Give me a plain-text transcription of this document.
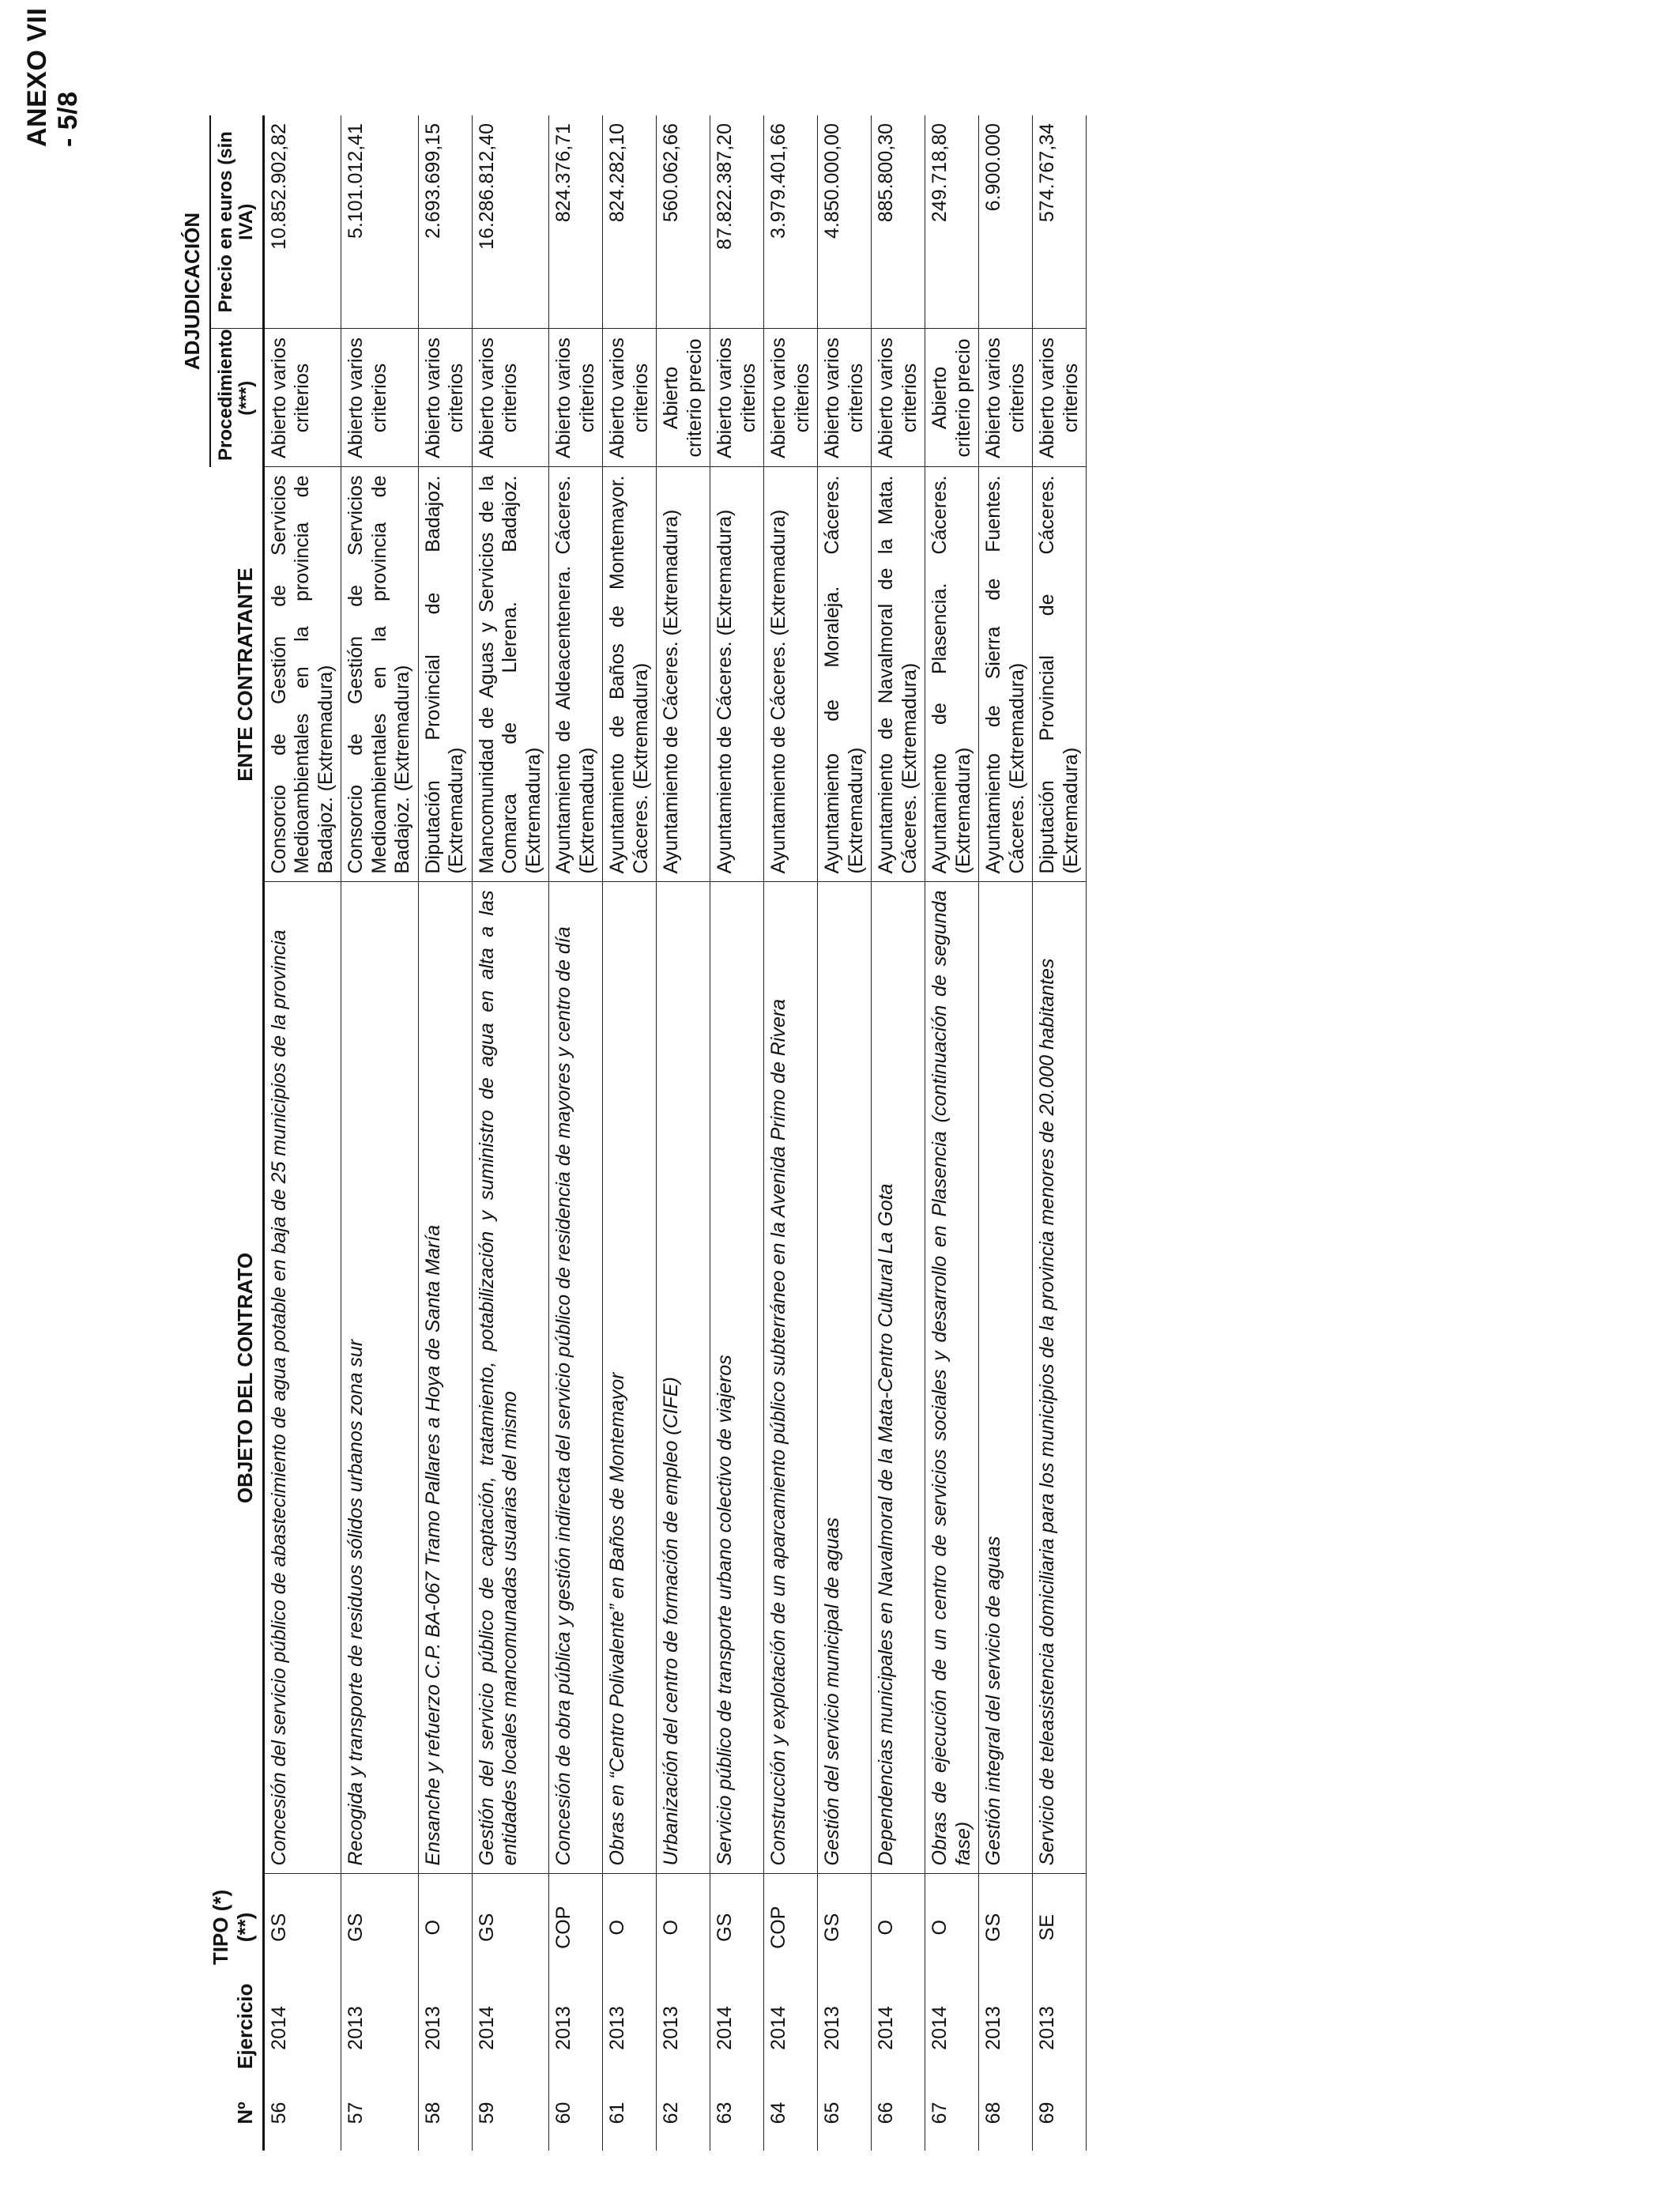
ANEXO VII - 5/8
Nº	Ejercicio	TIPO (*)(**)	OBJETO DEL CONTRATO	ENTE CONTRATANTE	ADJUDICACIÓN	
					Procedimiento (***)	Precio en euros (sin IVA)
56	2014	GS	Concesión del servicio público de abastecimiento de agua potable en baja de 25 municipios de la provincia	Consorcio de Gestión de Servicios Medioambientales en la provincia de Badajoz. (Extremadura)	Abierto varios criterios	10.852.902,82
57	2013	GS	Recogida y transporte de residuos sólidos urbanos zona sur	Consorcio de Gestión de Servicios Medioambientales en la provincia de Badajoz. (Extremadura)	Abierto varios criterios	5.101.012,41
58	2013	O	Ensanche y refuerzo C.P. BA-067 Tramo Pallares a Hoya de Santa María	Diputación Provincial de Badajoz. (Extremadura)	Abierto varios criterios	2.693.699,15
59	2014	GS	Gestión del servicio público de captación, tratamiento, potabilización y suministro de agua en alta a las entidades locales mancomunadas usuarias del mismo	Mancomunidad de Aguas y Servicios de la Comarca de Llerena. Badajoz. (Extremadura)	Abierto varios criterios	16.286.812,40
60	2013	COP	Concesión de obra pública y gestión indirecta del servicio público de residencia de mayores y centro de día	Ayuntamiento de Aldeacentenera. Cáceres. (Extremadura)	Abierto varios criterios	824.376,71
61	2013	O	Obras en “Centro Polivalente” en Baños de Montemayor	Ayuntamiento de Baños de Montemayor. Cáceres. (Extremadura)	Abierto varios criterios	824.282,10
62	2013	O	Urbanización del centro de formación de empleo (CIFE)	Ayuntamiento de Cáceres. (Extremadura)	Abierto criterio precio	560.062,66
63	2014	GS	Servicio público de transporte urbano colectivo de viajeros	Ayuntamiento de Cáceres. (Extremadura)	Abierto varios criterios	87.822.387,20
64	2014	COP	Construcción y explotación de un aparcamiento público subterráneo en la Avenida Primo de Rivera	Ayuntamiento de Cáceres. (Extremadura)	Abierto varios criterios	3.979.401,66
65	2013	GS	Gestión del servicio municipal de aguas	Ayuntamiento de Moraleja. Cáceres. (Extremadura)	Abierto varios criterios	4.850.000,00
66	2014	O	Dependencias municipales en Navalmoral de la Mata-Centro Cultural La Gota	Ayuntamiento de Navalmoral de la Mata. Cáceres. (Extremadura)	Abierto varios criterios	885.800,30
67	2014	O	Obras de ejecución de un centro de servicios sociales y desarrollo en Plasencia (continuación de segunda fase)	Ayuntamiento de Plasencia. Cáceres. (Extremadura)	Abierto criterio precio	249.718,80
68	2013	GS	Gestión integral del servicio de aguas	Ayuntamiento de Sierra de Fuentes. Cáceres. (Extremadura)	Abierto varios criterios	6.900.000
69	2013	SE	Servicio de teleasistencia domiciliaria para los municipios de la provincia menores de 20.000 habitantes	Diputación Provincial de Cáceres. (Extremadura)	Abierto varios criterios	574.767,34
